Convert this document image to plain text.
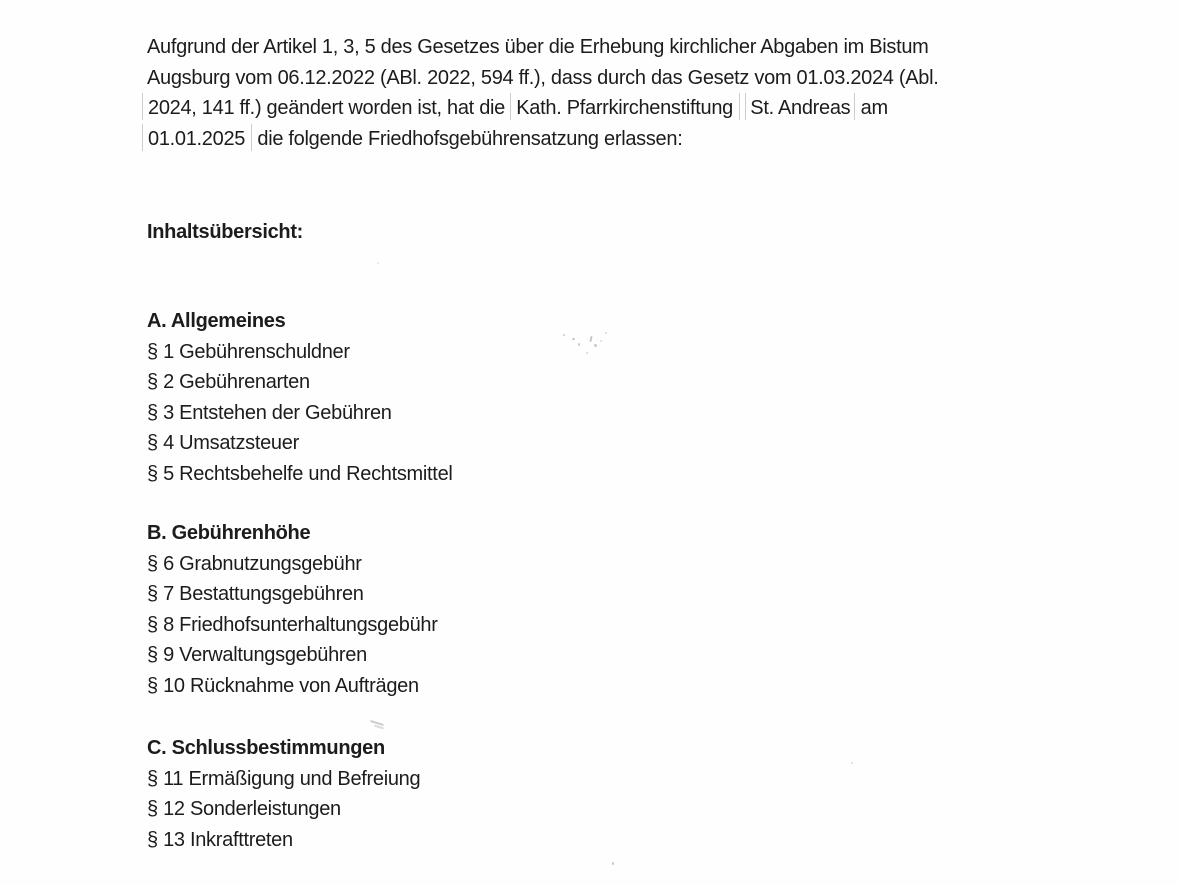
Aufgrund der Artikel 1, 3, 5 des Gesetzes über die Erhebung kirchlicher Abgaben im Bistum
Augsburg vom 06.12.2022 (ABl. 2022, 594 ff.), dass durch das Gesetz vom 01.03.2024 (Abl.
2024, 141 ff.) geändert worden ist, hat die Kath. Pfarrkirchenstiftung St. Andreas am
01.01.2025 die folgende Friedhofsgebührensatzung erlassen:
Inhaltsübersicht:
A. Allgemeines
§ 1 Gebührenschuldner
§ 2 Gebührenarten
§ 3 Entstehen der Gebühren
§ 4 Umsatzsteuer
§ 5 Rechtsbehelfe und Rechtsmittel
B. Gebührenhöhe
§ 6 Grabnutzungsgebühr
§ 7 Bestattungsgebühren
§ 8 Friedhofsunterhaltungsgebühr
§ 9 Verwaltungsgebühren
§ 10 Rücknahme von Aufträgen
C. Schlussbestimmungen
§ 11 Ermäßigung und Befreiung
§ 12 Sonderleistungen
§ 13 Inkrafttreten
